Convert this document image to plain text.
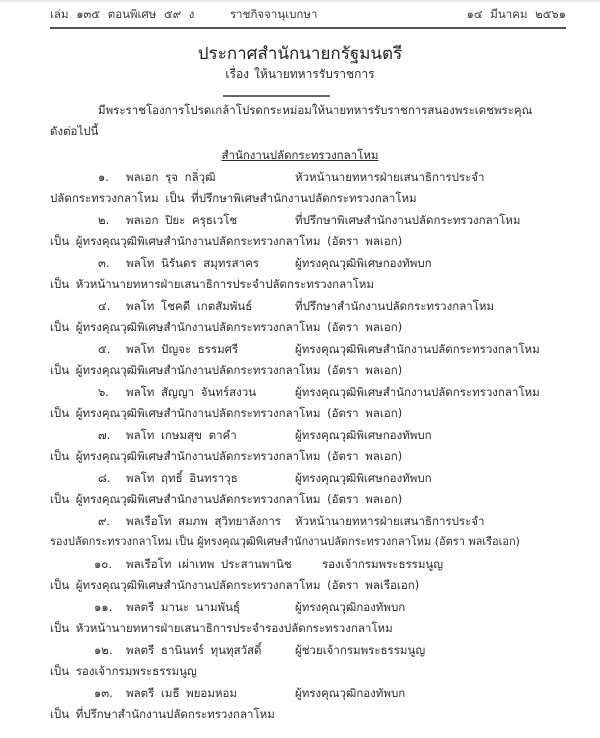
เล่ม ๑๓๕ ตอนพิเศษ ๕๙ ง	ราชกิจจานุเบกษา	๑๔ มีนาคม ๒๕๖๑
ประกาศสำนักนายกรัฐมนตรี
เรื่อง ให้นายทหารรับราชการ
มีพระราชโองการโปรดเกล้าโปรดกระหม่อมให้นายทหารรับราชการสนองพระเดชพระคุณ
ดังต่อไปนี้
สำนักงานปลัดกระทรวงกลาโหม
๑. พลเอก รุจ กลิ่วุฒิ	หัวหน้านายทหารฝ่ายเสนาธิการประจำ
ปลัดกระทรวงกลาโหม เป็น ที่ปรึกษาพิเศษสำนักงานปลัดกระทรวงกลาโหม
๒. พลเอก ปิยะ ครุธเวโช	ที่ปรึกษาพิเศษสำนักงานปลัดกระทรวงกลาโหม
เป็น ผู้ทรงคุณวุฒิพิเศษสำนักงานปลัดกระทรวงกลาโหม (อัตรา พลเอก)
๓. พลโท นิรันดร สมุทรสาคร	ผู้ทรงคุณวุฒิพิเศษกองทัพบก
เป็น หัวหน้านายทหารฝ่ายเสนาธิการประจำปลัดกระทรวงกลาโหม
๔. พลโท โชคดี เกตสัมพันธ์	ที่ปรึกษาสำนักงานปลัดกระทรวงกลาโหม
เป็น ผู้ทรงคุณวุฒิพิเศษสำนักงานปลัดกระทรวงกลาโหม (อัตรา พลเอก)
๕. พลโท ปัญจะ ธรรมศรี	ผู้ทรงคุณวุฒิพิเศษสำนักงานปลัดกระทรวงกลาโหม
เป็น ผู้ทรงคุณวุฒิพิเศษสำนักงานปลัดกระทรวงกลาโหม (อัตรา พลเอก)
๖. พลโท สัญญา จันทร์สงวน	ผู้ทรงคุณวุฒิพิเศษสำนักงานปลัดกระทรวงกลาโหม
เป็น ผู้ทรงคุณวุฒิพิเศษสำนักงานปลัดกระทรวงกลาโหม (อัตรา พลเอก)
๗. พลโท เกษมสุข ตาคำ	ผู้ทรงคุณวุฒิพิเศษกองทัพบก
เป็น ผู้ทรงคุณวุฒิพิเศษสำนักงานปลัดกระทรวงกลาโหม (อัตรา พลเอก)
๘. พลโท ฤทธิ์ อินทราวุธ	ผู้ทรงคุณวุฒิพิเศษกองทัพบก
เป็น ผู้ทรงคุณวุฒิพิเศษสำนักงานปลัดกระทรวงกลาโหม (อัตรา พลเอก)
๙. พลเรือโท สมภพ สุวิทยาลังการ หัวหน้านายทหารฝ่ายเสนาธิการประจำ
รองปลัดกระทรวงกลาโหม เป็น ผู้ทรงคุณวุฒิพิเศษสำนักงานปลัดกระทรวงกลาโหม (อัตรา พลเรือเอก)
๑๐. พลเรือโท เผ่าเทพ ประสานพานิช	รองเจ้ากรมพระธรรมนูญ
เป็น ผู้ทรงคุณวุฒิพิเศษสำนักงานปลัดกระทรวงกลาโหม (อัตรา พลเรือเอก)
๑๑. พลตรี มานะ นามพันธุ์	ผู้ทรงคุณวุฒิกองทัพบก
เป็น หัวหน้านายทหารฝ่ายเสนาธิการประจำรองปลัดกระทรวงกลาโหม
๑๒. พลตรี ธานินทร์ ทุนทุสวัสดิ์	ผู้ช่วยเจ้ากรมพระธรรมนูญ
เป็น รองเจ้ากรมพระธรรมนูญ
๑๓. พลตรี เมธี พยอมหอม	ผู้ทรงคุณวุฒิกองทัพบก
เป็น ที่ปรึกษาสำนักงานปลัดกระทรวงกลาโหม
